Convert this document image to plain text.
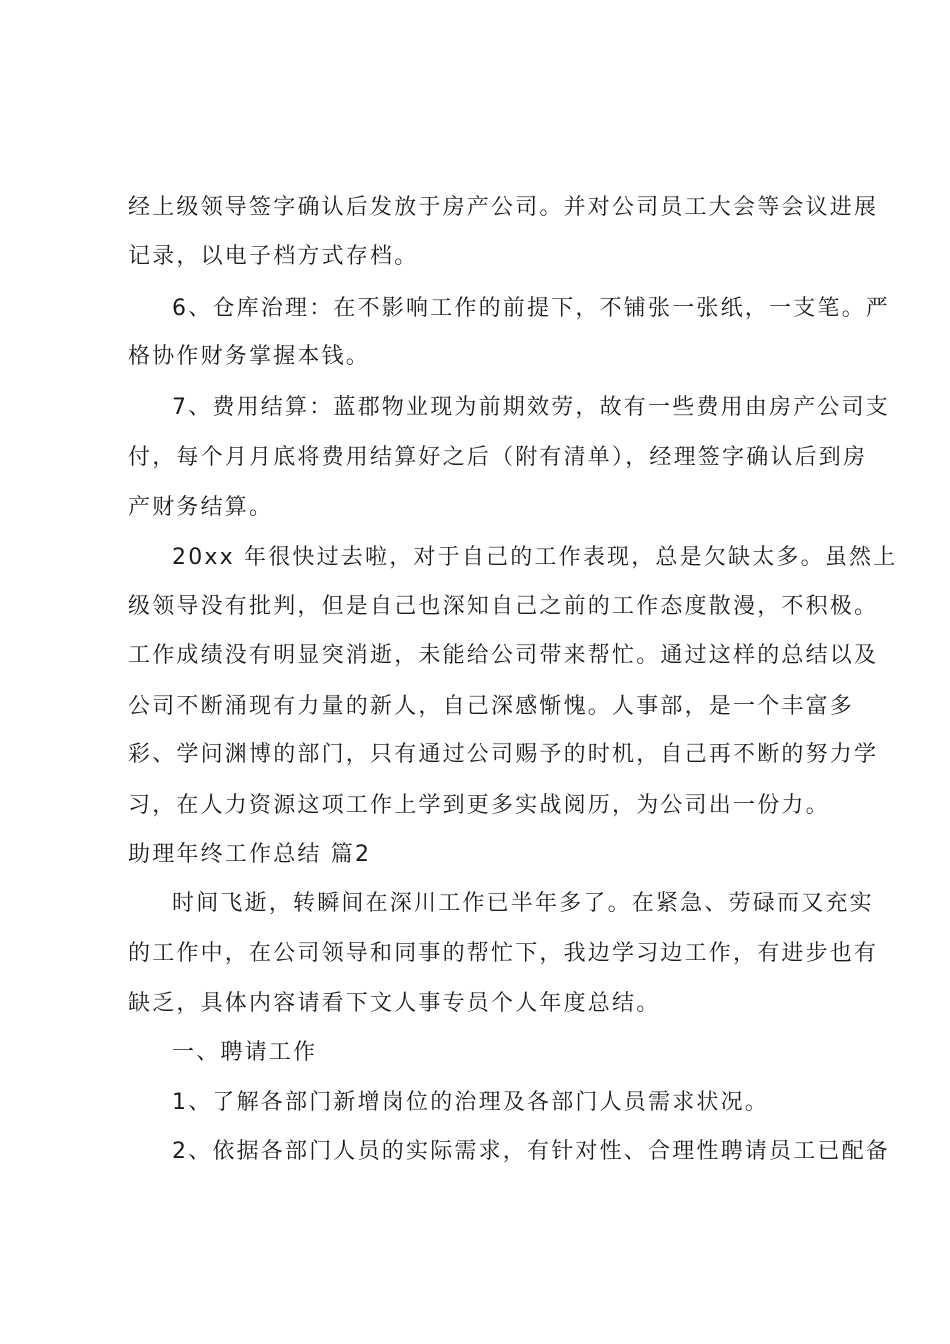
经上级领导签字确认后发放于房产公司。并对公司员工大会等会议进展
记录，以电子档方式存档。
6、仓库治理：在不影响工作的前提下，不铺张一张纸，一支笔。严
格协作财务掌握本钱。
7、费用结算：蓝郡物业现为前期效劳，故有一些费用由房产公司支
付，每个月月底将费用结算好之后（附有清单），经理签字确认后到房
产财务结算。
20xx 年很快过去啦，对于自己的工作表现，总是欠缺太多。虽然上
级领导没有批判，但是自己也深知自己之前的工作态度散漫，不积极。
工作成绩没有明显突消逝，未能给公司带来帮忙。通过这样的总结以及
公司不断涌现有力量的新人，自己深感惭愧。人事部，是一个丰富多
彩、学问渊博的部门，只有通过公司赐予的时机，自己再不断的努力学
习，在人力资源这项工作上学到更多实战阅历，为公司出一份力。
助理年终工作总结 篇2
时间飞逝，转瞬间在深川工作已半年多了。在紧急、劳碌而又充实
的工作中，在公司领导和同事的帮忙下，我边学习边工作，有进步也有
缺乏，具体内容请看下文人事专员个人年度总结。
一、聘请工作
1、了解各部门新增岗位的治理及各部门人员需求状况。
2、依据各部门人员的实际需求，有针对性、合理性聘请员工已配备
